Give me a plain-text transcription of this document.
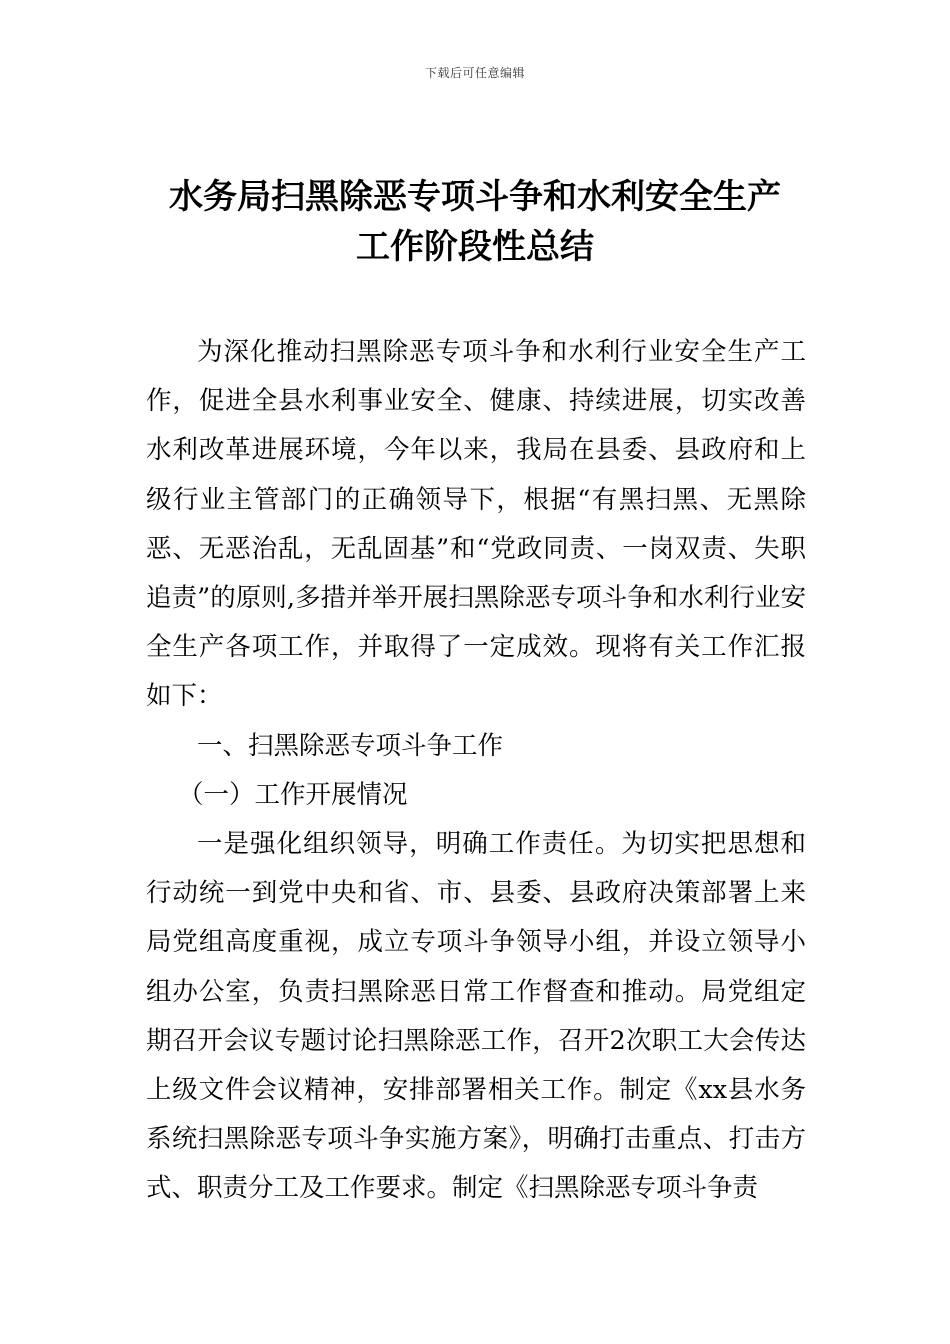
下载后可任意编辑
水务局扫黑除恶专项斗争和水利安全生产
工作阶段性总结

为深化推动扫黑除恶专项斗争和水利行业安全生产工作，促进全县水利事业安全、健康、持续进展，切实改善水利改革进展环境，今年以来，我局在县委、县政府和上级行业主管部门的正确领导下，根据“有黑扫黑、无黑除恶、无恶治乱，无乱固基”和“党政同责、一岗双责、失职追责”的原则,多措并举开展扫黑除恶专项斗争和水利行业安全生产各项工作，并取得了一定成效。现将有关工作汇报如下：

一、扫黑除恶专项斗争工作

（一）工作开展情况

一是强化组织领导，明确工作责任。为切实把思想和行动统一到党中央和省、市、县委、县政府决策部署上来局党组高度重视，成立专项斗争领导小组，并设立领导小组办公室，负责扫黑除恶日常工作督查和推动。局党组定期召开会议专题讨论扫黑除恶工作，召开2次职工大会传达上级文件会议精神，安排部署相关工作。制定《xx县水务系统扫黑除恶专项斗争实施方案》，明确打击重点、打击方式、职责分工及工作要求。制定《扫黑除恶专项斗争责
